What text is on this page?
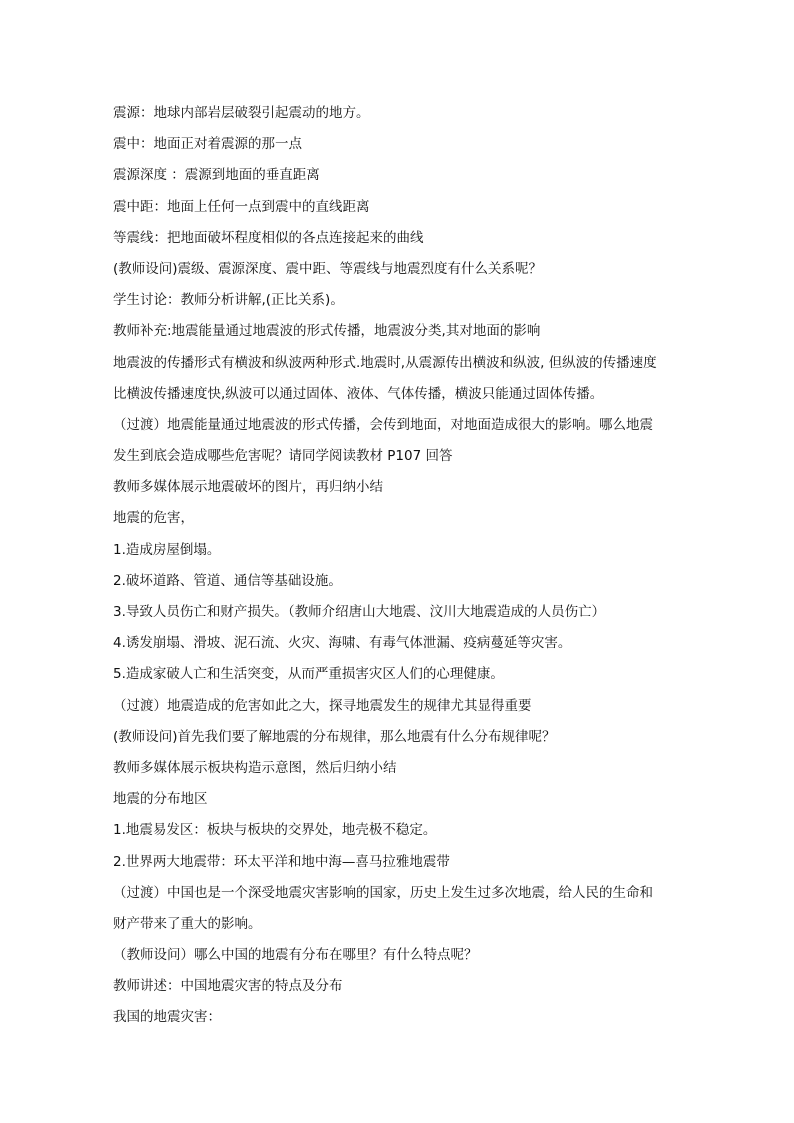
震源：地球内部岩层破裂引起震动的地方。
震中：地面正对着震源的那一点
震源深度 ：震源到地面的垂直距离
震中距：地面上任何一点到震中的直线距离
等震线：把地面破坏程度相似的各点连接起来的曲线
(教师设问)震级、震源深度、震中距、等震线与地震烈度有什么关系呢？
学生讨论：教师分析讲解,(正比关系)。
教师补充:地震能量通过地震波的形式传播，地震波分类,其对地面的影响
地震波的传播形式有横波和纵波两种形式.地震时,从震源传出横波和纵波, 但纵波的传播速度
比横波传播速度快,纵波可以通过固体、液体、气体传播，横波只能通过固体传播。
（过渡）地震能量通过地震波的形式传播，会传到地面，对地面造成很大的影响。哪么地震
发生到底会造成哪些危害呢？请同学阅读教材 P107 回答
教师多媒体展示地震破坏的图片，再归纳小结
地震的危害，
1.造成房屋倒塌。
2.破坏道路、管道、通信等基础设施。
3.导致人员伤亡和财产损失。（教师介绍唐山大地震、汶川大地震造成的人员伤亡）
4.诱发崩塌、滑坡、泥石流、火灾、海啸、有毒气体泄漏、疫病蔓延等灾害。
5.造成家破人亡和生活突变，从而严重损害灾区人们的心理健康。
（过渡）地震造成的危害如此之大，探寻地震发生的规律尤其显得重要
(教师设问)首先我们要了解地震的分布规律，那么地震有什么分布规律呢？
教师多媒体展示板块构造示意图，然后归纳小结
地震的分布地区
1.地震易发区：板块与板块的交界处，地壳极不稳定。
2.世界两大地震带：环太平洋和地中海—喜马拉雅地震带
（过渡）中国也是一个深受地震灾害影响的国家，历史上发生过多次地震，给人民的生命和
财产带来了重大的影响。
（教师设问）哪么中国的地震有分布在哪里？有什么特点呢？
教师讲述：中国地震灾害的特点及分布
我国的地震灾害：
